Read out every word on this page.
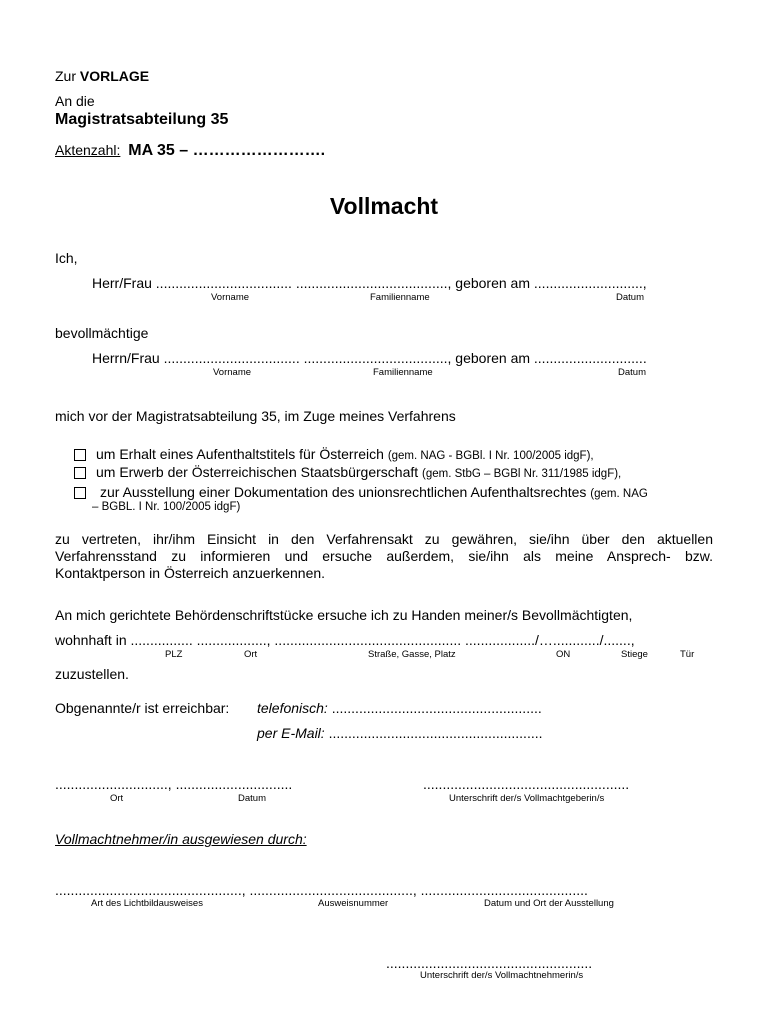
Zur VORLAGE
An die
Magistratsabteilung 35
Aktenzahl: MA 35 – …………………….
Vollmacht
Ich,
Herr/Frau ................................... ......................................., geboren am ............................,
Vorname	Familienname	Datum
bevollmächtige
Herrn/Frau ................................... ....................................., geboren am .............................
Vorname	Familienname	Datum
mich vor der Magistratsabteilung 35, im Zuge meines Verfahrens
um Erhalt eines Aufenthaltstitels für Österreich (gem. NAG - BGBl. I Nr. 100/2005 idgF),
um Erwerb der Österreichischen Staatsbürgerschaft (gem. StbG – BGBl Nr. 311/1985 idgF),
zur Ausstellung einer Dokumentation des unionsrechtlichen Aufenthaltsrechtes (gem. NAG
– BGBL. I Nr. 100/2005 idgF)
zu vertreten, ihr/ihm Einsicht in den Verfahrensakt zu gewähren, sie/ihn über den aktuellen
Verfahrensstand zu informieren und ersuche außerdem, sie/ihn als meine Ansprech- bzw.
Kontaktperson in Österreich anzuerkennen.
An mich gerichtete Behördenschriftstücke ersuche ich zu Handen meiner/s Bevollmächtigten,
wohnhaft in ................ .................., ................................................ ................../…............/.......,
PLZ	Ort	Straße, Gasse, Platz	ON	Stiege	Tür
zuzustellen.
Obgenannte/r ist erreichbar: telefonisch: ......................................................
per E-Mail: .......................................................
............................., ..............................	.....................................................
Ort	Datum	Unterschrift der/s Vollmachtgeberin/s
Vollmachtnehmer/in ausgewiesen durch:
................................................, .........................................., ...........................................
Art des Lichtbildausweises	Ausweisnummer	Datum und Ort der Ausstellung
.....................................................
Unterschrift der/s Vollmachtnehmerin/s
